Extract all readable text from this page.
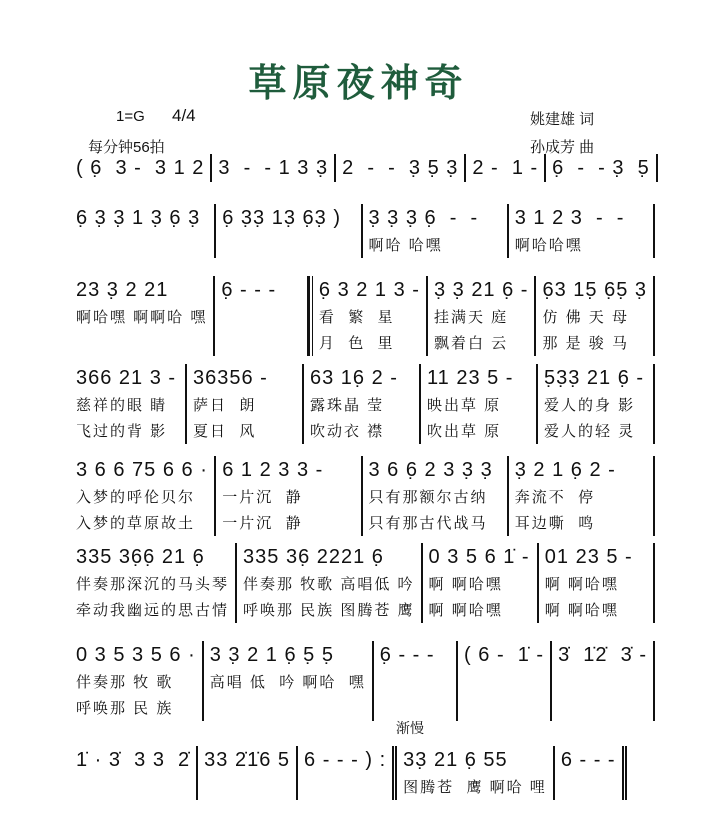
草原夜神奇
1=G 4/4
每分钟56拍
姚建雄 词
孙成芳 曲
渐慢
( 6̣  3 -  3 1 2 3  -  - 1 3 3̣ 2  -  -  3̣ 5̣ 3̣ 2 -  1 - 6̣  -  - 3̣  5̣
6̣ 3̣ 3̣ 1 3̣ 6̣ 3̣	6̣ 3̣3̣ 13̣ 6̣3̣ )	3̣ 3̣ 3̣ 6̣  -  -
啊哈 哈嘿
3 1 2 3  -  -
啊哈哈嘿
23 3̣ 2 21
啊哈嘿 啊啊哈 嘿
6̣ - - -	6̣ 3 2 1 3 -
看  繁  星
月  色  里
3̣ 3̣ 21 6̣ -
挂满天 庭
飘着白 云
6̣3 15̣ 6̣5̣ 3̣
仿 佛 天 母
那 是 骏 马
366 21 3 -
慈祥的眼 睛
飞过的背 影
36356 -
萨日  朗
夏日  风
63 16̣ 2 -
露珠晶 莹
吹动衣 襟
11 23 5 -
映出草 原
吹出草 原
5̣3̣3̣ 21 6̣ -
爱人的身 影
爱人的轻 灵
3 6 6 75 6 6 ·
入梦的呼伦贝尔
入梦的草原故土
6 1 2 3 3 -
一片沉  静
一片沉  静
3 6 6̣ 2 3 3̣ 3̣
只有那额尔古纳
只有那古代战马
3̣ 2 1 6̣ 2 -
奔流不  停
耳边嘶  鸣
335 36̣6̣ 21 6̣
伴奏那深沉的马头琴
牵动我幽远的思古情
335 36̣ 2221 6̣
伴奏那 牧歌 高唱低 吟
呼唤那 民族 图腾苍 鹰
0 3 5 6 1̇ -
啊 啊哈嘿
啊 啊哈嘿
01 23 5 -
啊 啊哈嘿
啊 啊哈嘿
0 3 5 3 5 6 ·
伴奏那 牧 歌
呼唤那 民 族
3 3̣ 2 1 6̣ 5̣ 5̣
高唱 低  吟 啊哈  嘿
6̣ - - -	( 6 -  1̇ - 3̇  1̇2̇  3̇ -
1̇ · 3̇  3 3  2̇ 33 2̇1̇6 5 6 - - - ) : 33̣ 21 6̣ 55
图腾苍  鹰 啊哈 哩
6 - - -
